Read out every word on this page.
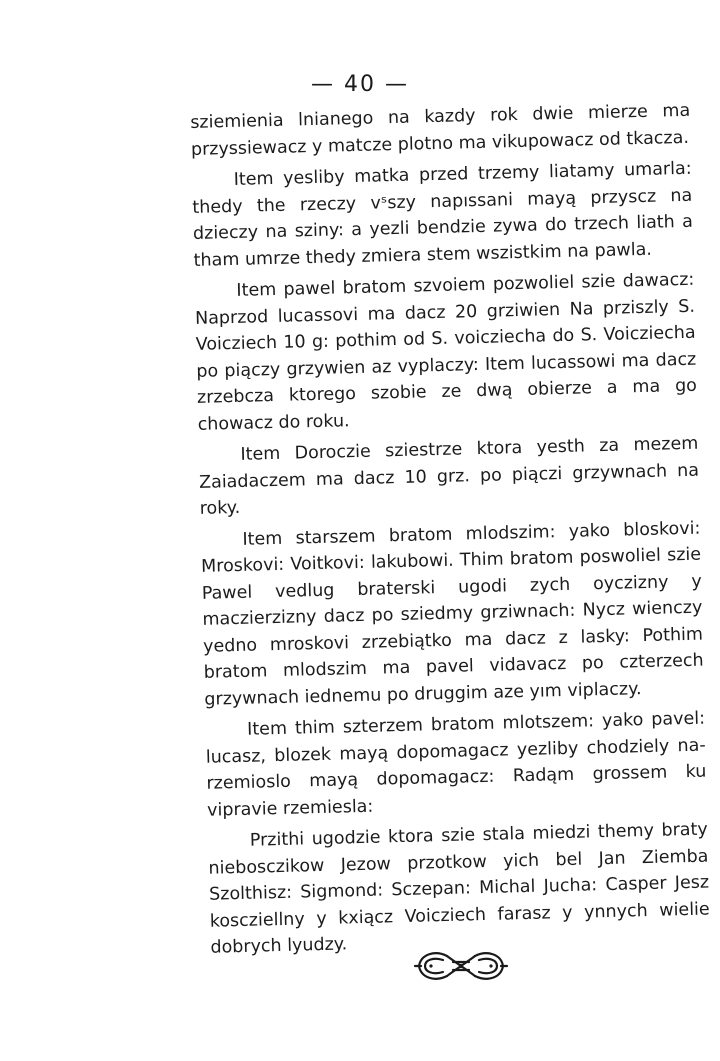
— 40 —

sziemienia lnianego na kazdy rok dwie mierze ma przyssiewacz y matcze plotno ma vikupowacz od tkacza.

Item yesliby matka przed trzemy liatamy umarla: thedy the rzeczy vˢszy napıssani mayą przyscz na dzieczy na sziny: a yezli bendzie zywa do trzech liath a tham umrze thedy zmiera stem wszistkim na pawla.

Item pawel bratom szvoiem pozwoliel szie dawacz: Naprzod lucassovi ma dacz 20 grziwien Na prziszly S. Voicziech 10 g: pothim od S. voicziecha do S. Voicziecha po piączy grzywien az vyplaczy: Item lucassowi ma dacz zrzebcza ktorego szobie ze dwą obierze a ma go chowacz do roku.

Item Doroczie sziestrze ktora yesth za mezem Zaiadaczem ma dacz 10 grz. po piączi grzywnach na roky.

Item starszem bratom mlodszim: yako bloskovi: Mroskovi: Voitkovi: lakubowi. Thim bratom poswoliel szie Pawel vedlug braterski ugodi zych oyczizny y maczierzizny dacz po sziedmy grziwnach: Nycz wienczy yedno mroskovi zrzebiątko ma dacz z lasky: Pothim bratom mlodszim ma pavel vidavacz po czterzech grzywnach iednemu po druggim aze yım viplaczy.

Item thim szterzem bratom mlotszem: yako pavel: lucasz, blozek mayą dopomagacz yezliby chodziely narzemioslo mayą dopomagacz: Radąm grossem ku vipravie rzemiesla:

Przithi ugodzie ktora szie stala miedzi themy braty niebosczikow Jezow przotkow yich bel Jan Ziemba Szolthisz: Sigmond: Sczepan: Michal Jucha: Casper Jesz koscziellny y kxiącz Voicziech farasz y ynnych wielie dobrych lyudzy.
